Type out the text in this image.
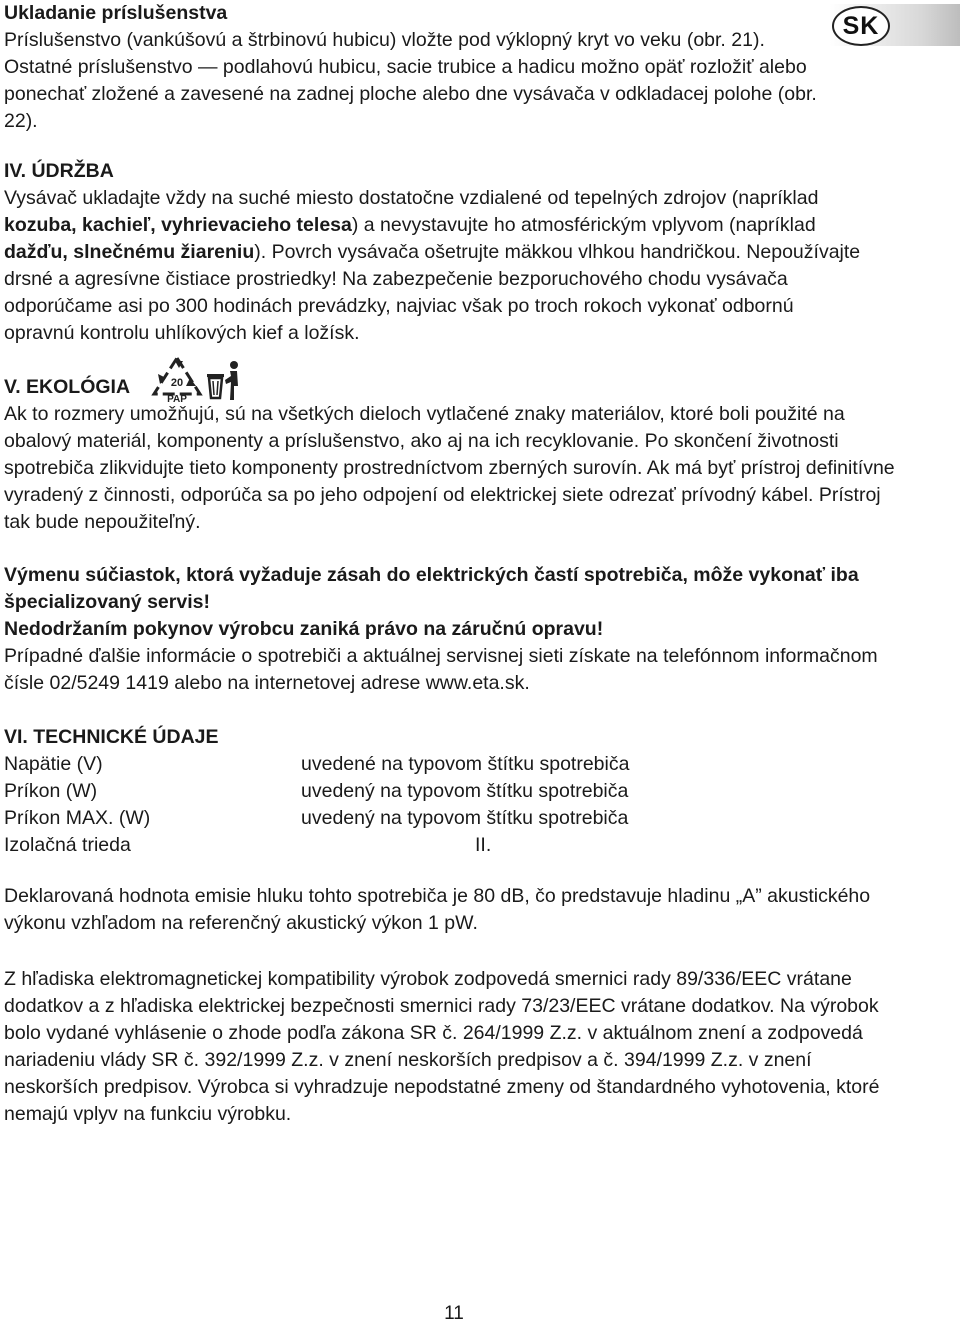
SK

Ukladanie príslušenstva

Príslušenstvo (vankúšovú a štrbinovú hubicu) vložte pod výklopný kryt vo veku (obr. 21). Ostatné príslušenstvo — podlahovú hubicu, sacie trubice a hadicu možno opäť rozložiť alebo ponechať zložené a zavesené na zadnej ploche alebo dne vysávača v odkladacej polohe (obr. 22).

IV. ÚDRŽBA

Vysávač ukladajte vždy na suché miesto dostatočne vzdialené od tepelných zdrojov (napríklad kozuba, kachieľ, vyhrievacieho telesa) a nevystavujte ho atmosférickým vplyvom (napríklad dažďu, slnečnému žiareniu). Povrch vysávača ošetrujte mäkkou vlhkou handričkou. Nepoužívajte drsné a agresívne čistiace prostriedky! Na zabezpečenie bezporuchového chodu vysávača odporúčame asi po 300 hodinách prevádzky, najviac však po troch rokoch vykonať odbornú opravnú kontrolu uhlíkových kief a ložísk.

V. EKOLÓGIA	20
PAP

Ak to rozmery umožňujú, sú na všetkých dieloch vytlačené znaky materiálov, ktoré boli použité na obalový materiál, komponenty a príslušenstvo, ako aj na ich recyklovanie. Po skončení životnosti spotrebiča zlikvidujte tieto komponenty prostredníctvom zberných surovín. Ak má byť prístroj definitívne vyradený z činnosti, odporúča sa po jeho odpojení od elektrickej siete odrezať prívodný kábel. Prístroj tak bude nepoužiteľný.

Výmenu súčiastok, ktorá vyžaduje zásah do elektrických častí spotrebiča, môže vykonať iba špecializovaný servis!

Nedodržaním pokynov výrobcu zaniká právo na záručnú opravu!

Prípadné ďalšie informácie o spotrebiči a aktuálnej servisnej sieti získate na telefónnom informačnom čísle 02/5249 1419 alebo na internetovej adrese www.eta.sk.

VI. TECHNICKÉ ÚDAJE

Napätie (V)	uvedené na typovom štítku spotrebiča
Príkon (W)	uvedený na typovom štítku spotrebiča
Príkon MAX. (W)	uvedený na typovom štítku spotrebiča
Izolačná trieda	II.

Deklarovaná hodnota emisie hluku tohto spotrebiča je 80 dB, čo predstavuje hladinu „A” akustického výkonu vzhľadom na referenčný akustický výkon 1 pW.

Z hľadiska elektromagnetickej kompatibility výrobok zodpovedá smernici rady 89/336/EEC vrátane dodatkov a z hľadiska elektrickej bezpečnosti smernici rady 73/23/EEC vrátane dodatkov. Na výrobok bolo vydané vyhlásenie o zhode podľa zákona SR č. 264/1999 Z.z. v aktuálnom znení a zodpovedá nariadeniu vlády SR č. 392/1999 Z.z. v znení neskorších predpisov a č. 394/1999 Z.z. v znení neskorších predpisov. Výrobca si vyhradzuje nepodstatné zmeny od štandardného vyhotovenia, ktoré nemajú vplyv na funkciu výrobku.

11
